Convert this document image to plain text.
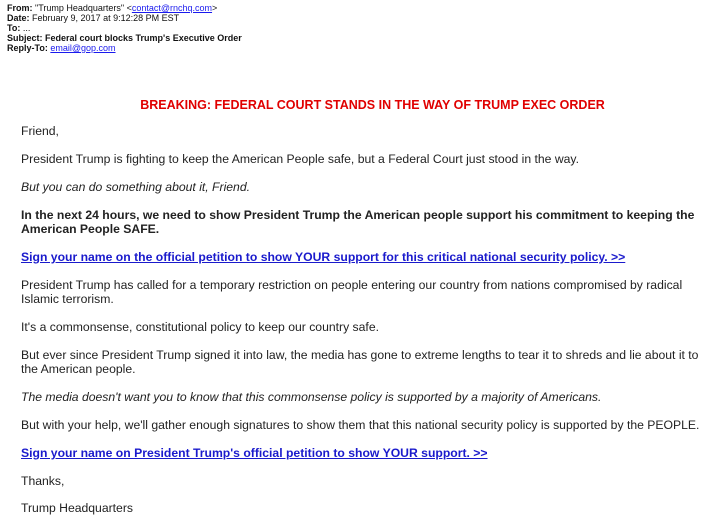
From: "Trump Headquarters" <contact@rnchq.com>
Date: February 9, 2017 at 9:12:28 PM EST
To: ...
Subject: Federal court blocks Trump's Executive Order
Reply-To: email@gop.com
BREAKING: FEDERAL COURT STANDS IN THE WAY OF TRUMP EXEC ORDER
Friend,
President Trump is fighting to keep the American People safe, but a Federal Court just stood in the way.
But you can do something about it, Friend.
In the next 24 hours, we need to show President Trump the American people support his commitment to keeping the American People SAFE.
Sign your name on the official petition to show YOUR support for this critical national security policy. >>
President Trump has called for a temporary restriction on people entering our country from nations compromised by radical Islamic terrorism.
It's a commonsense, constitutional policy to keep our country safe.
But ever since President Trump signed it into law, the media has gone to extreme lengths to tear it to shreds and lie about it to the American people.
The media doesn't want you to know that this commonsense policy is supported by a majority of Americans.
But with your help, we'll gather enough signatures to show them that this national security policy is supported by the PEOPLE.
Sign your name on President Trump's official petition to show YOUR support. >>
Thanks,
Trump Headquarters
